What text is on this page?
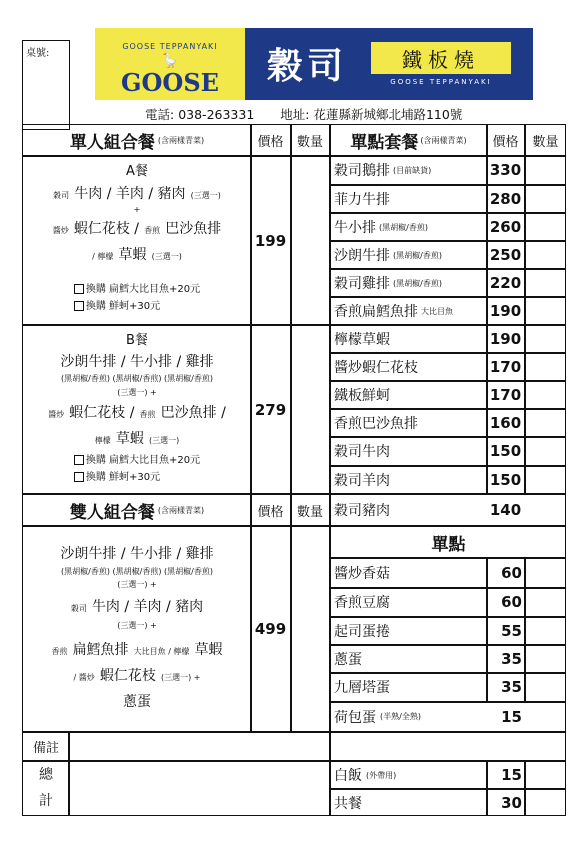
桌號:
GOOSE TEPPANYAKI
🪿
GOOSE	穀司	鐵板燒
GOOSE TEPPANYAKI
電話: 038-263331 地址: 花蓮縣新城鄉北埔路110號
單人組合餐 (含兩樣青菜)	價格	數量
A餐
穀司 牛肉 / 羊肉 / 豬肉 (三選一)
+
醬炒 蝦仁花枝 / 香煎 巴沙魚排
/ 檸檬 草蝦 (三選一)
換購 扁鱈大比目魚+20元
換購 鮮蚵+30元
199
B餐
沙朗牛排 / 牛小排 / 雞排
(黑胡椒/香煎) (黑胡椒/香煎) (黑胡椒/香煎)
(三選一) +
醬炒 蝦仁花枝 / 香煎 巴沙魚排 /
檸檬 草蝦 (三選一)
換購 扁鱈大比目魚+20元
換購 鮮蚵+30元
279
雙人組合餐 (含兩樣青菜)	價格	數量
沙朗牛排 / 牛小排 / 雞排
(黑胡椒/香煎) (黑胡椒/香煎) (黑胡椒/香煎)
(三選一) +
穀司 牛肉 / 羊肉 / 豬肉
(三選一) +
香煎 扁鱈魚排 大比目魚 / 檸檬 草蝦
/ 醬炒 蝦仁花枝 (三選一) +
蔥蛋
499
單點套餐 (含兩樣青菜)	價格	數量
穀司鵝排 (目前缺貨)	330
菲力牛排	280
牛小排 (黑胡椒/香煎)	260
沙朗牛排 (黑胡椒/香煎)	250
穀司雞排 (黑胡椒/香煎)	220
香煎扁鱈魚排 大比目魚 190
檸檬草蝦	190
醬炒蝦仁花枝	170
鐵板鮮蚵	170
香煎巴沙魚排	160
穀司牛肉	150
穀司羊肉	150
穀司豬肉	140
單點
醬炒香菇	60
香煎豆腐	60
起司蛋捲	55
蔥蛋	35
九層塔蛋	35
荷包蛋 (半熟/全熟)	15
備註
總
計
白飯 (外帶用)	15
共餐	30
